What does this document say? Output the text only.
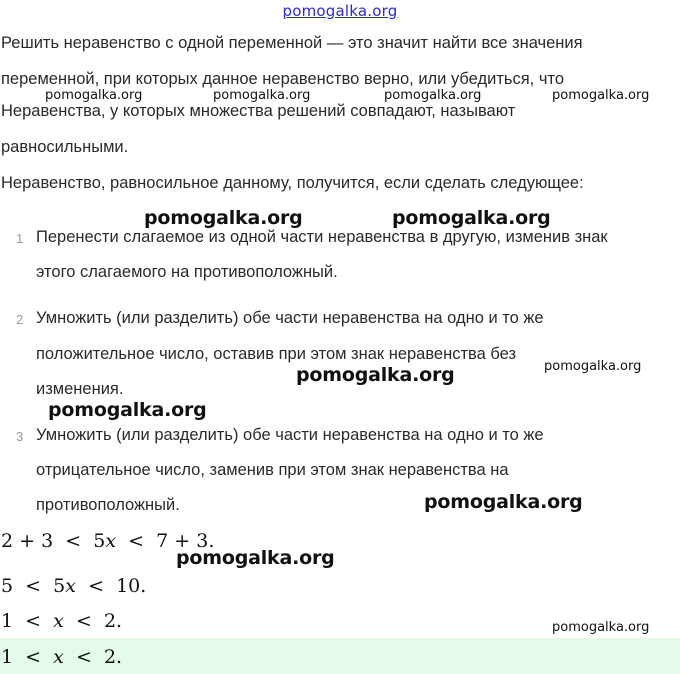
pomogalka.org
Решить неравенство с одной переменной — это значит найти все значения
переменной, при которых данное неравенство верно, или убедиться, что
Неравенства, у которых множества решений совпадают, называют
равносильными.
Неравенство, равносильное данному, получится, если сделать следующее:
1 Перенести слагаемое из одной части неравенства в другую, изменив знак
этого слагаемого на противоположный.
2 Умножить (или разделить) обе части неравенства на одно и то же
положительное число, оставив при этом знак неравенства без
изменения.
3 Умножить (или разделить) обе части неравенства на одно и то же
отрицательное число, заменив при этом знак неравенства на
противоположный.
2 + 3  <  5x  <  7 + 3.
5  <  5x  <  10.
1  <  x  <  2.
1  <  x  <  2.
pomogalka.org	pomogalka.org	pomogalka.org	pomogalka.org
pomogalka.org	pomogalka.org
pomogalka.org	pomogalka.org
pomogalka.org
pomogalka.org
pomogalka.org
pomogalka.org
